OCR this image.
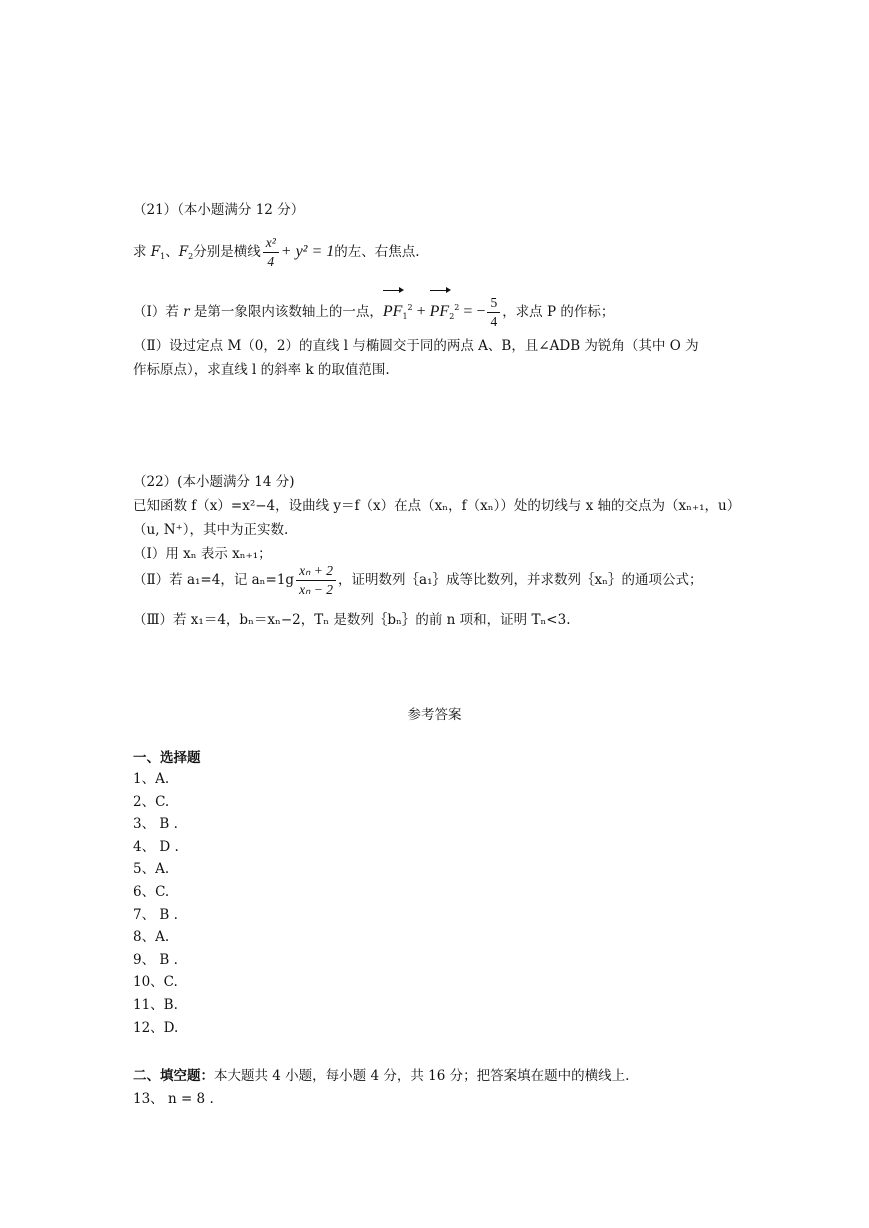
（21）（本小题满分 12 分）
求 $F_1$、$F_2$分别是横线 $\frac{\text{x²}}{4} + y^2 = 1$的左、右焦点.
（Ⅰ）若 r 是第一象限内该数轴上的一点，$PF_1^2 + PF_2^2$ = − $\frac{5}{4}$ ，求点 P 的作标；
（Ⅱ）设过定点 M（0，2）的直线 l 与椭圆交于同的两点 A、B，且∠ADB 为锐角（其中 O 为
作标原点），求直线 l 的斜率 k 的取值范围.
（22）(本小题满分 14 分)
已知函数 f（x）=x²−4，设曲线 y＝f（x）在点（xₙ，f（xₙ））处的切线与 x 轴的交点为（xₙ₊₁，u）
（u, N⁺），其中为正实数.
（Ⅰ）用 xₙ 表示 xₙ₊₁；
（Ⅱ）若 a₁=4，记 $a_n=1g \frac{\text{xₙ + 2}}{\text{xₙ − 2}}$ ，证明数列｛a₁｝成等比数列，并求数列｛xₙ｝的通项公式；
（Ⅲ）若 x₁＝4，bₙ＝xₙ−2，Tₙ 是数列｛bₙ｝的前 n 项和，证明 Tₙ<3.
参考答案
一、选择题
1、A.
2、C.
3、 B .
4、 D .
5、A.
6、C.
7、 B .
8、A.
9、 B .
10、C.
11、B.
12、D.
二、填空题：本大题共 4 小题，每小题 4 分，共 16 分；把答案填在题中的横线上.
13、 n = 8 .
